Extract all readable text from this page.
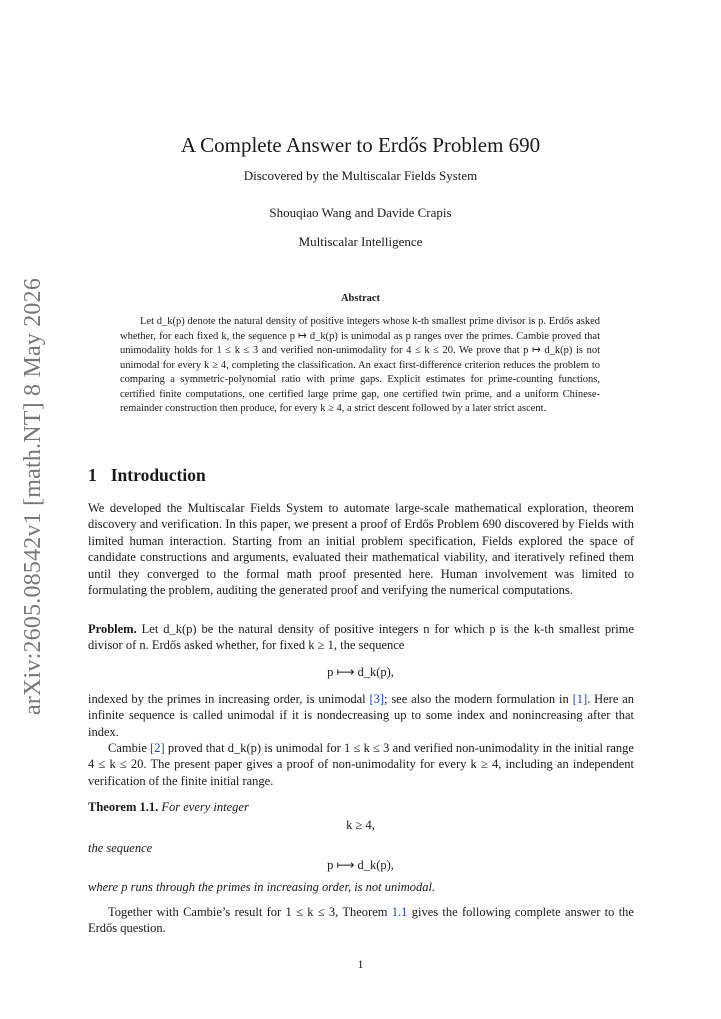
arXiv:2605.08542v1 [math.NT] 8 May 2026
A Complete Answer to Erdős Problem 690
Discovered by the Multiscalar Fields System
Shouqiao Wang and Davide Crapis
Multiscalar Intelligence
Abstract
Let d_k(p) denote the natural density of positive integers whose k-th smallest prime divisor is p. Erdős asked whether, for each fixed k, the sequence p ↦ d_k(p) is unimodal as p ranges over the primes. Cambie proved that unimodality holds for 1 ≤ k ≤ 3 and verified non-unimodality for 4 ≤ k ≤ 20. We prove that p ↦ d_k(p) is not unimodal for every k ≥ 4, completing the classification. An exact first-difference criterion reduces the problem to comparing a symmetric-polynomial ratio with prime gaps. Explicit estimates for prime-counting functions, certified finite computations, one certified large prime gap, one certified twin prime, and a uniform Chinese-remainder construction then produce, for every k ≥ 4, a strict descent followed by a later strict ascent.
1 Introduction
We developed the Multiscalar Fields System to automate large-scale mathematical exploration, theorem discovery and verification. In this paper, we present a proof of Erdős Problem 690 discovered by Fields with limited human interaction. Starting from an initial problem specification, Fields explored the space of candidate constructions and arguments, evaluated their mathematical viability, and iteratively refined them until they converged to the formal math proof presented here. Human involvement was limited to formulating the problem, auditing the generated proof and verifying the numerical computations.
Problem. Let d_k(p) be the natural density of positive integers n for which p is the k-th smallest prime divisor of n. Erdős asked whether, for fixed k ≥ 1, the sequence
p ⟼ d_k(p),
indexed by the primes in increasing order, is unimodal [3]; see also the modern formulation in [1]. Here an infinite sequence is called unimodal if it is nondecreasing up to some index and nonincreasing after that index.
Cambie [2] proved that d_k(p) is unimodal for 1 ≤ k ≤ 3 and verified non-unimodality in the initial range 4 ≤ k ≤ 20. The present paper gives a proof of non-unimodality for every k ≥ 4, including an independent verification of the finite initial range.
Theorem 1.1. For every integer
k ≥ 4,
the sequence
p ⟼ d_k(p),
where p runs through the primes in increasing order, is not unimodal.
Together with Cambie’s result for 1 ≤ k ≤ 3, Theorem 1.1 gives the following complete answer to the Erdős question.
1
